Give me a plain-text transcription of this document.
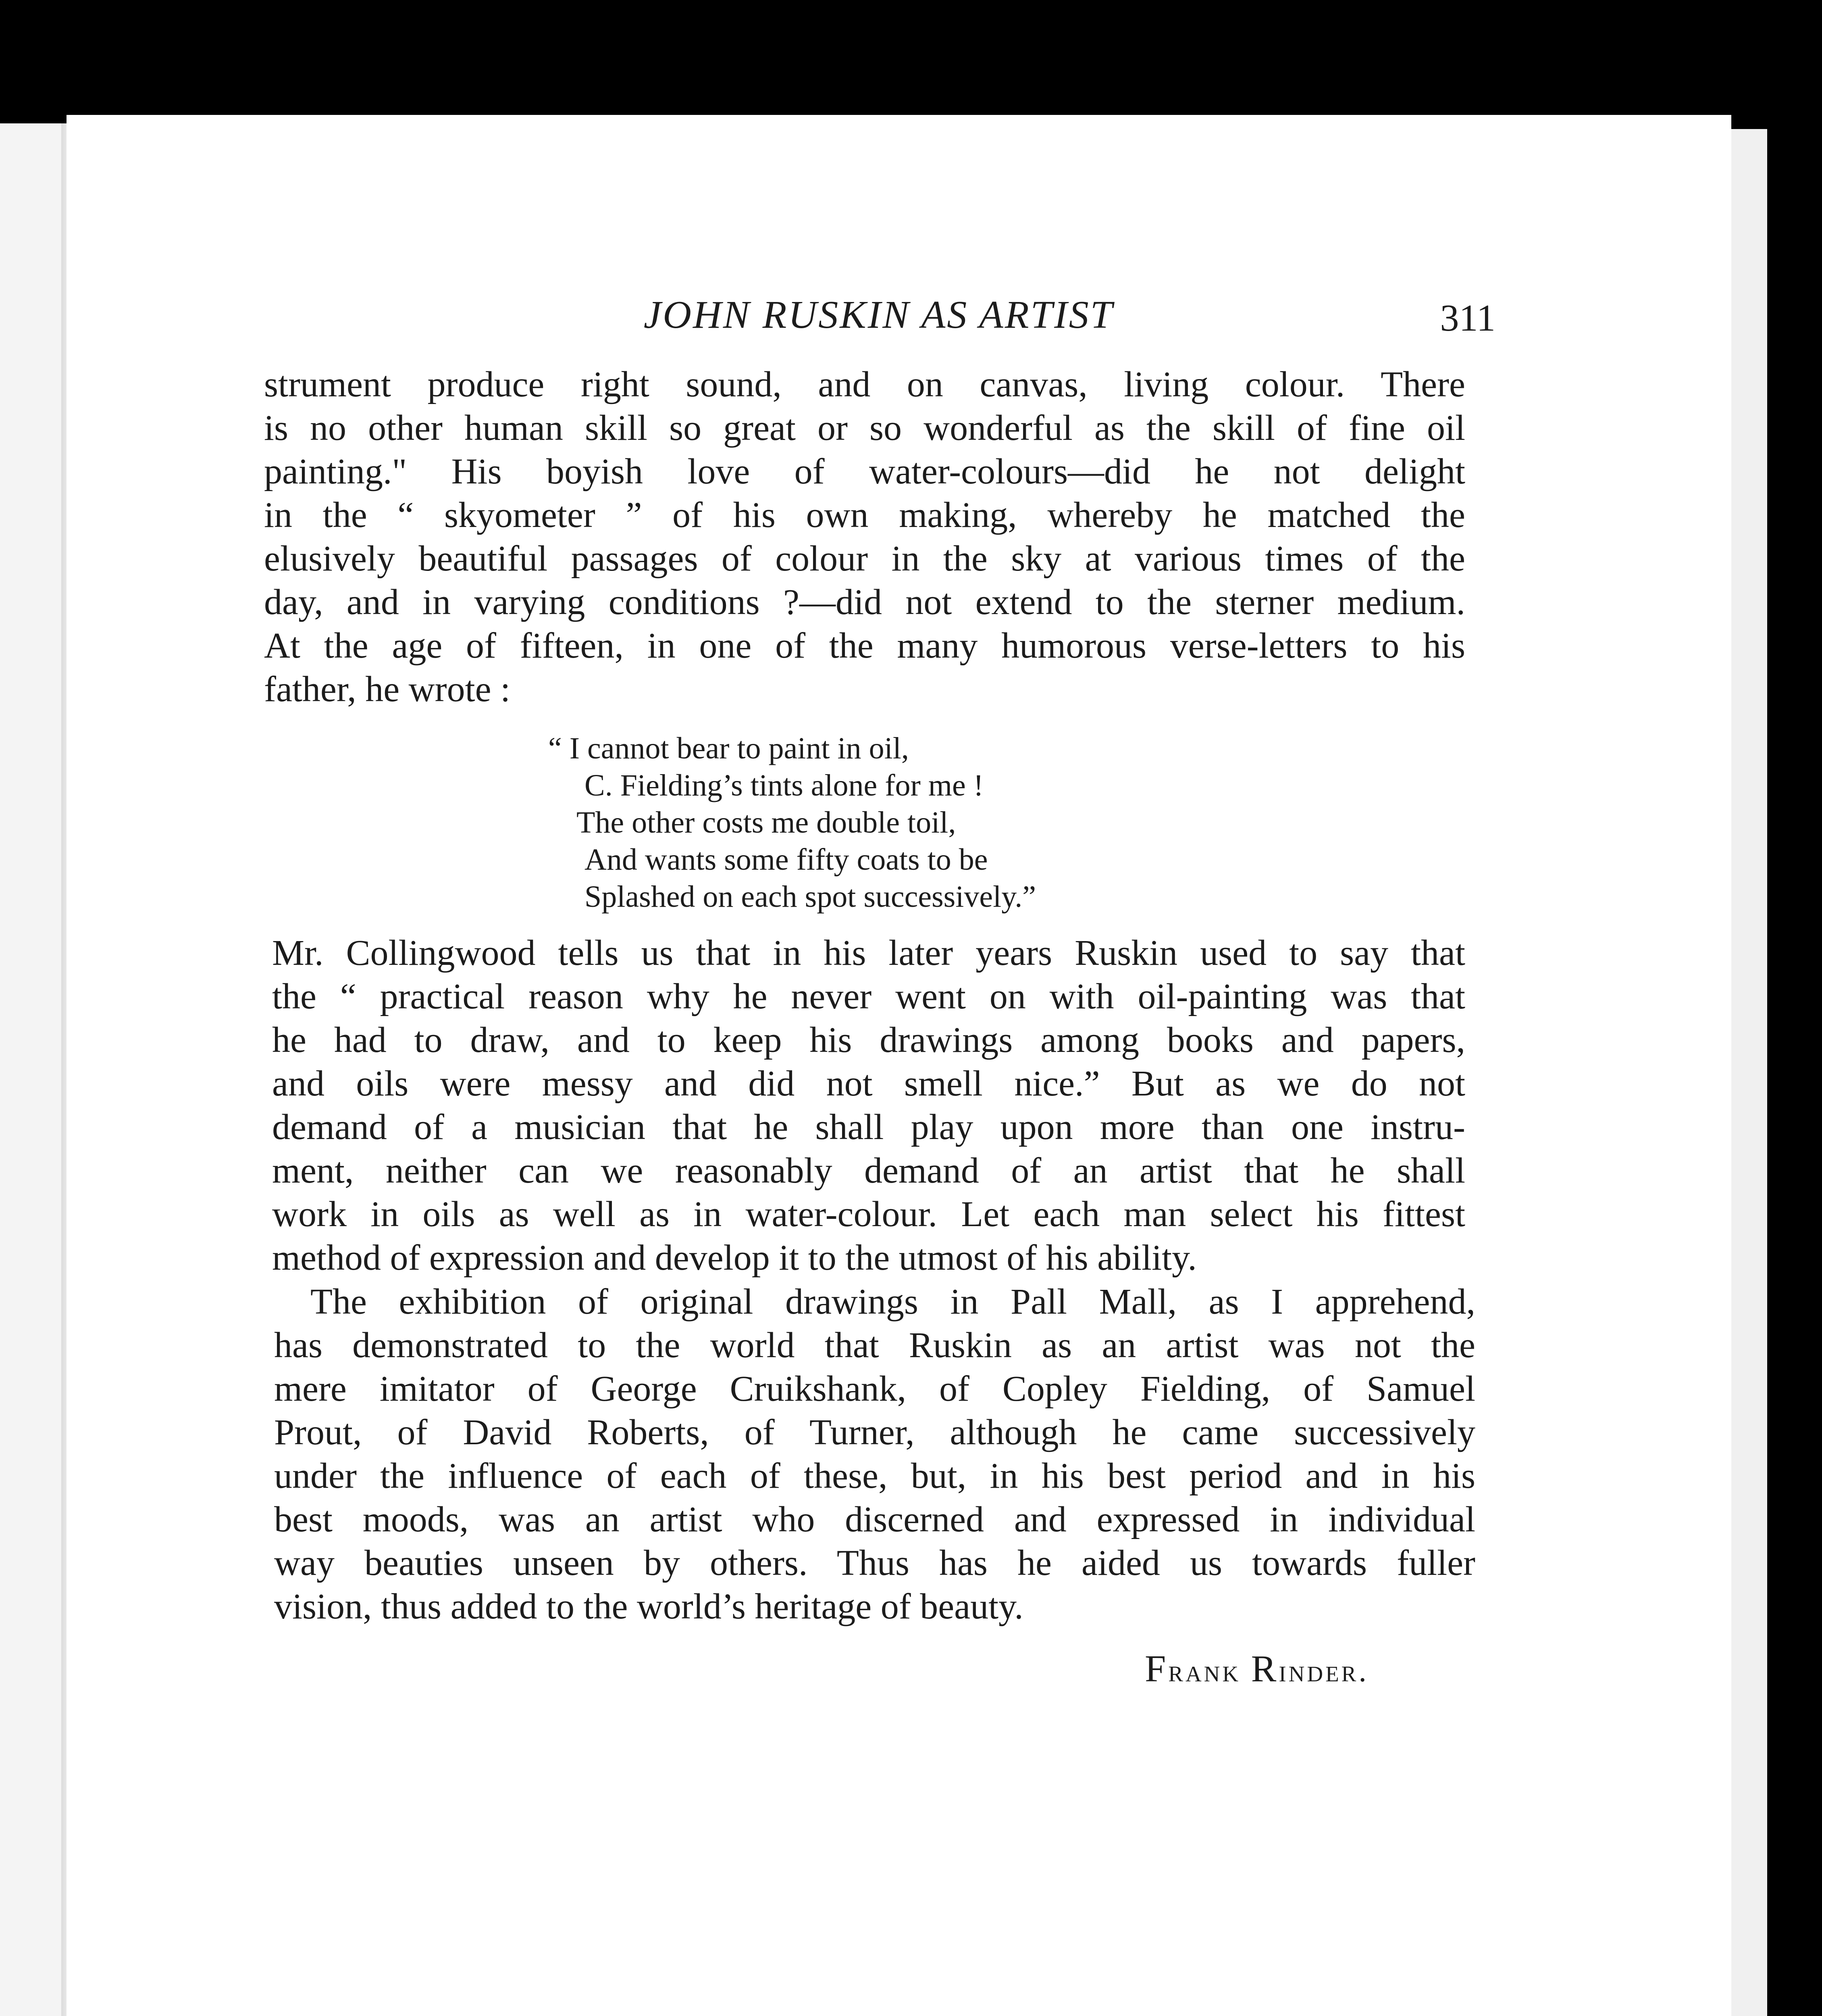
JOHN RUSKIN AS ARTIST	311
strument produce right sound, and on canvas, living colour. There
is no other human skill so great or so wonderful as the skill of fine oil
painting." His boyish love of water-colours—did he not delight
in the “ skyometer ” of his own making, whereby he matched the
elusively beautiful passages of colour in the sky at various times of the
day, and in varying conditions ?—did not extend to the sterner medium.
At the age of fifteen, in one of the many humorous verse-letters to his
father, he wrote :
“ I cannot bear to paint in oil,
C. Fielding’s tints alone for me !
The other costs me double toil,
And wants some fifty coats to be
Splashed on each spot successively.”
Mr. Collingwood tells us that in his later years Ruskin used to say that
the “ practical reason why he never went on with oil-painting was that
he had to draw, and to keep his drawings among books and papers,
and oils were messy and did not smell nice.” But as we do not
demand of a musician that he shall play upon more than one instru-
ment, neither can we reasonably demand of an artist that he shall
work in oils as well as in water-colour. Let each man select his fittest
method of expression and develop it to the utmost of his ability.
The exhibition of original drawings in Pall Mall, as I apprehend,
has demonstrated to the world that Ruskin as an artist was not the
mere imitator of George Cruikshank, of Copley Fielding, of Samuel
Prout, of David Roberts, of Turner, although he came successively
under the influence of each of these, but, in his best period and in his
best moods, was an artist who discerned and expressed in individual
way beauties unseen by others. Thus has he aided us towards fuller
vision, thus added to the world’s heritage of beauty.
Frank Rinder.
